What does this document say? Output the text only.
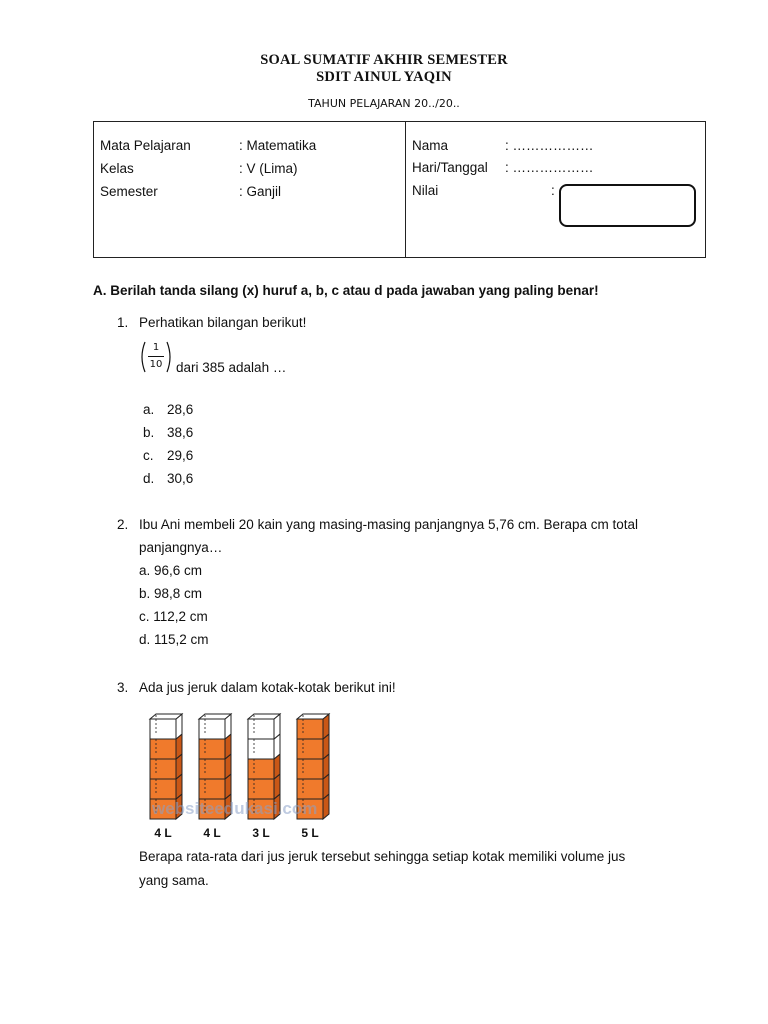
SOAL SUMATIF AKHIR SEMESTER
SDIT AINUL YAQIN
TAHUN PELAJARAN 20../20..
Mata Pelajaran	: Matematika
Kelas	: V (Lima)
Semester	: Ganjil
Nama	: ………………
Hari/Tanggal : ………………
Nilai	:
A. Berilah tanda silang (x) huruf a, b, c atau d pada jawaban yang paling benar!
1. Perhatikan bilangan berikut!
1
10	dari 385 adalah …
a. 28,6
b. 38,6
c. 29,6
d. 30,6
2. Ibu Ani membeli 20 kain yang masing-masing panjangnya 5,76 cm. Berapa cm total
panjangnya…
a. 96,6 cm
b. 98,8 cm
c. 112,2 cm
d. 115,2 cm
3. Ada jus jeruk dalam kotak-kotak berikut ini!
4 L	4 L	3 L	5 L
websiteedukasi.com
Berapa rata-rata dari jus jeruk tersebut sehingga setiap kotak memiliki volume jus
yang sama.
